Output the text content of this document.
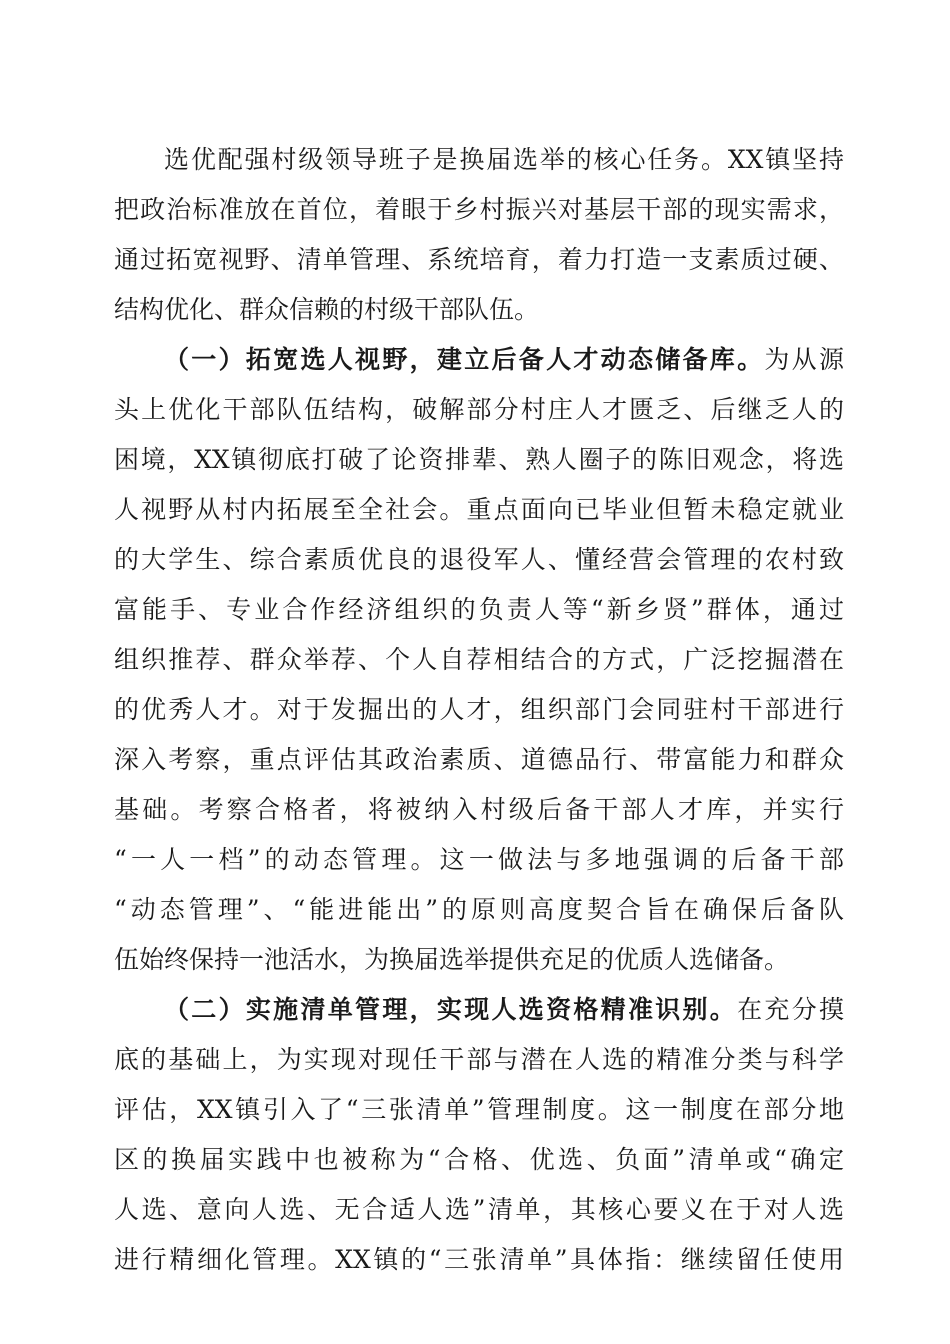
选优配强村级领导班子是换届选举的核心任务。XX镇坚持
把政治标准放在首位，着眼于乡村振兴对基层干部的现实需求，
通过拓宽视野、清单管理、系统培育，着力打造一支素质过硬、
结构优化、群众信赖的村级干部队伍。
（一）拓宽选人视野，建立后备人才动态储备库。为从源
头上优化干部队伍结构，破解部分村庄人才匮乏、后继乏人的
困境，XX镇彻底打破了论资排辈、熟人圈子的陈旧观念，将选
人视野从村内拓展至全社会。重点面向已毕业但暂未稳定就业
的大学生、综合素质优良的退役军人、懂经营会管理的农村致
富能手、专业合作经济组织的负责人等“新乡贤”群体，通过
组织推荐、群众举荐、个人自荐相结合的方式，广泛挖掘潜在
的优秀人才。对于发掘出的人才，组织部门会同驻村干部进行
深入考察，重点评估其政治素质、道德品行、带富能力和群众
基础。考察合格者，将被纳入村级后备干部人才库，并实行
“一人一档”的动态管理。这一做法与多地强调的后备干部
“动态管理”、“能进能出”的原则高度契合旨在确保后备队
伍始终保持一池活水，为换届选举提供充足的优质人选储备。
（二）实施清单管理，实现人选资格精准识别。在充分摸
底的基础上，为实现对现任干部与潜在人选的精准分类与科学
评估，XX镇引入了“三张清单”管理制度。这一制度在部分地
区的换届实践中也被称为“合格、优选、负面”清单或“确定
人选、意向人选、无合适人选”清单，其核心要义在于对人选
进行精细化管理。XX镇的“三张清单”具体指：继续留任使用
